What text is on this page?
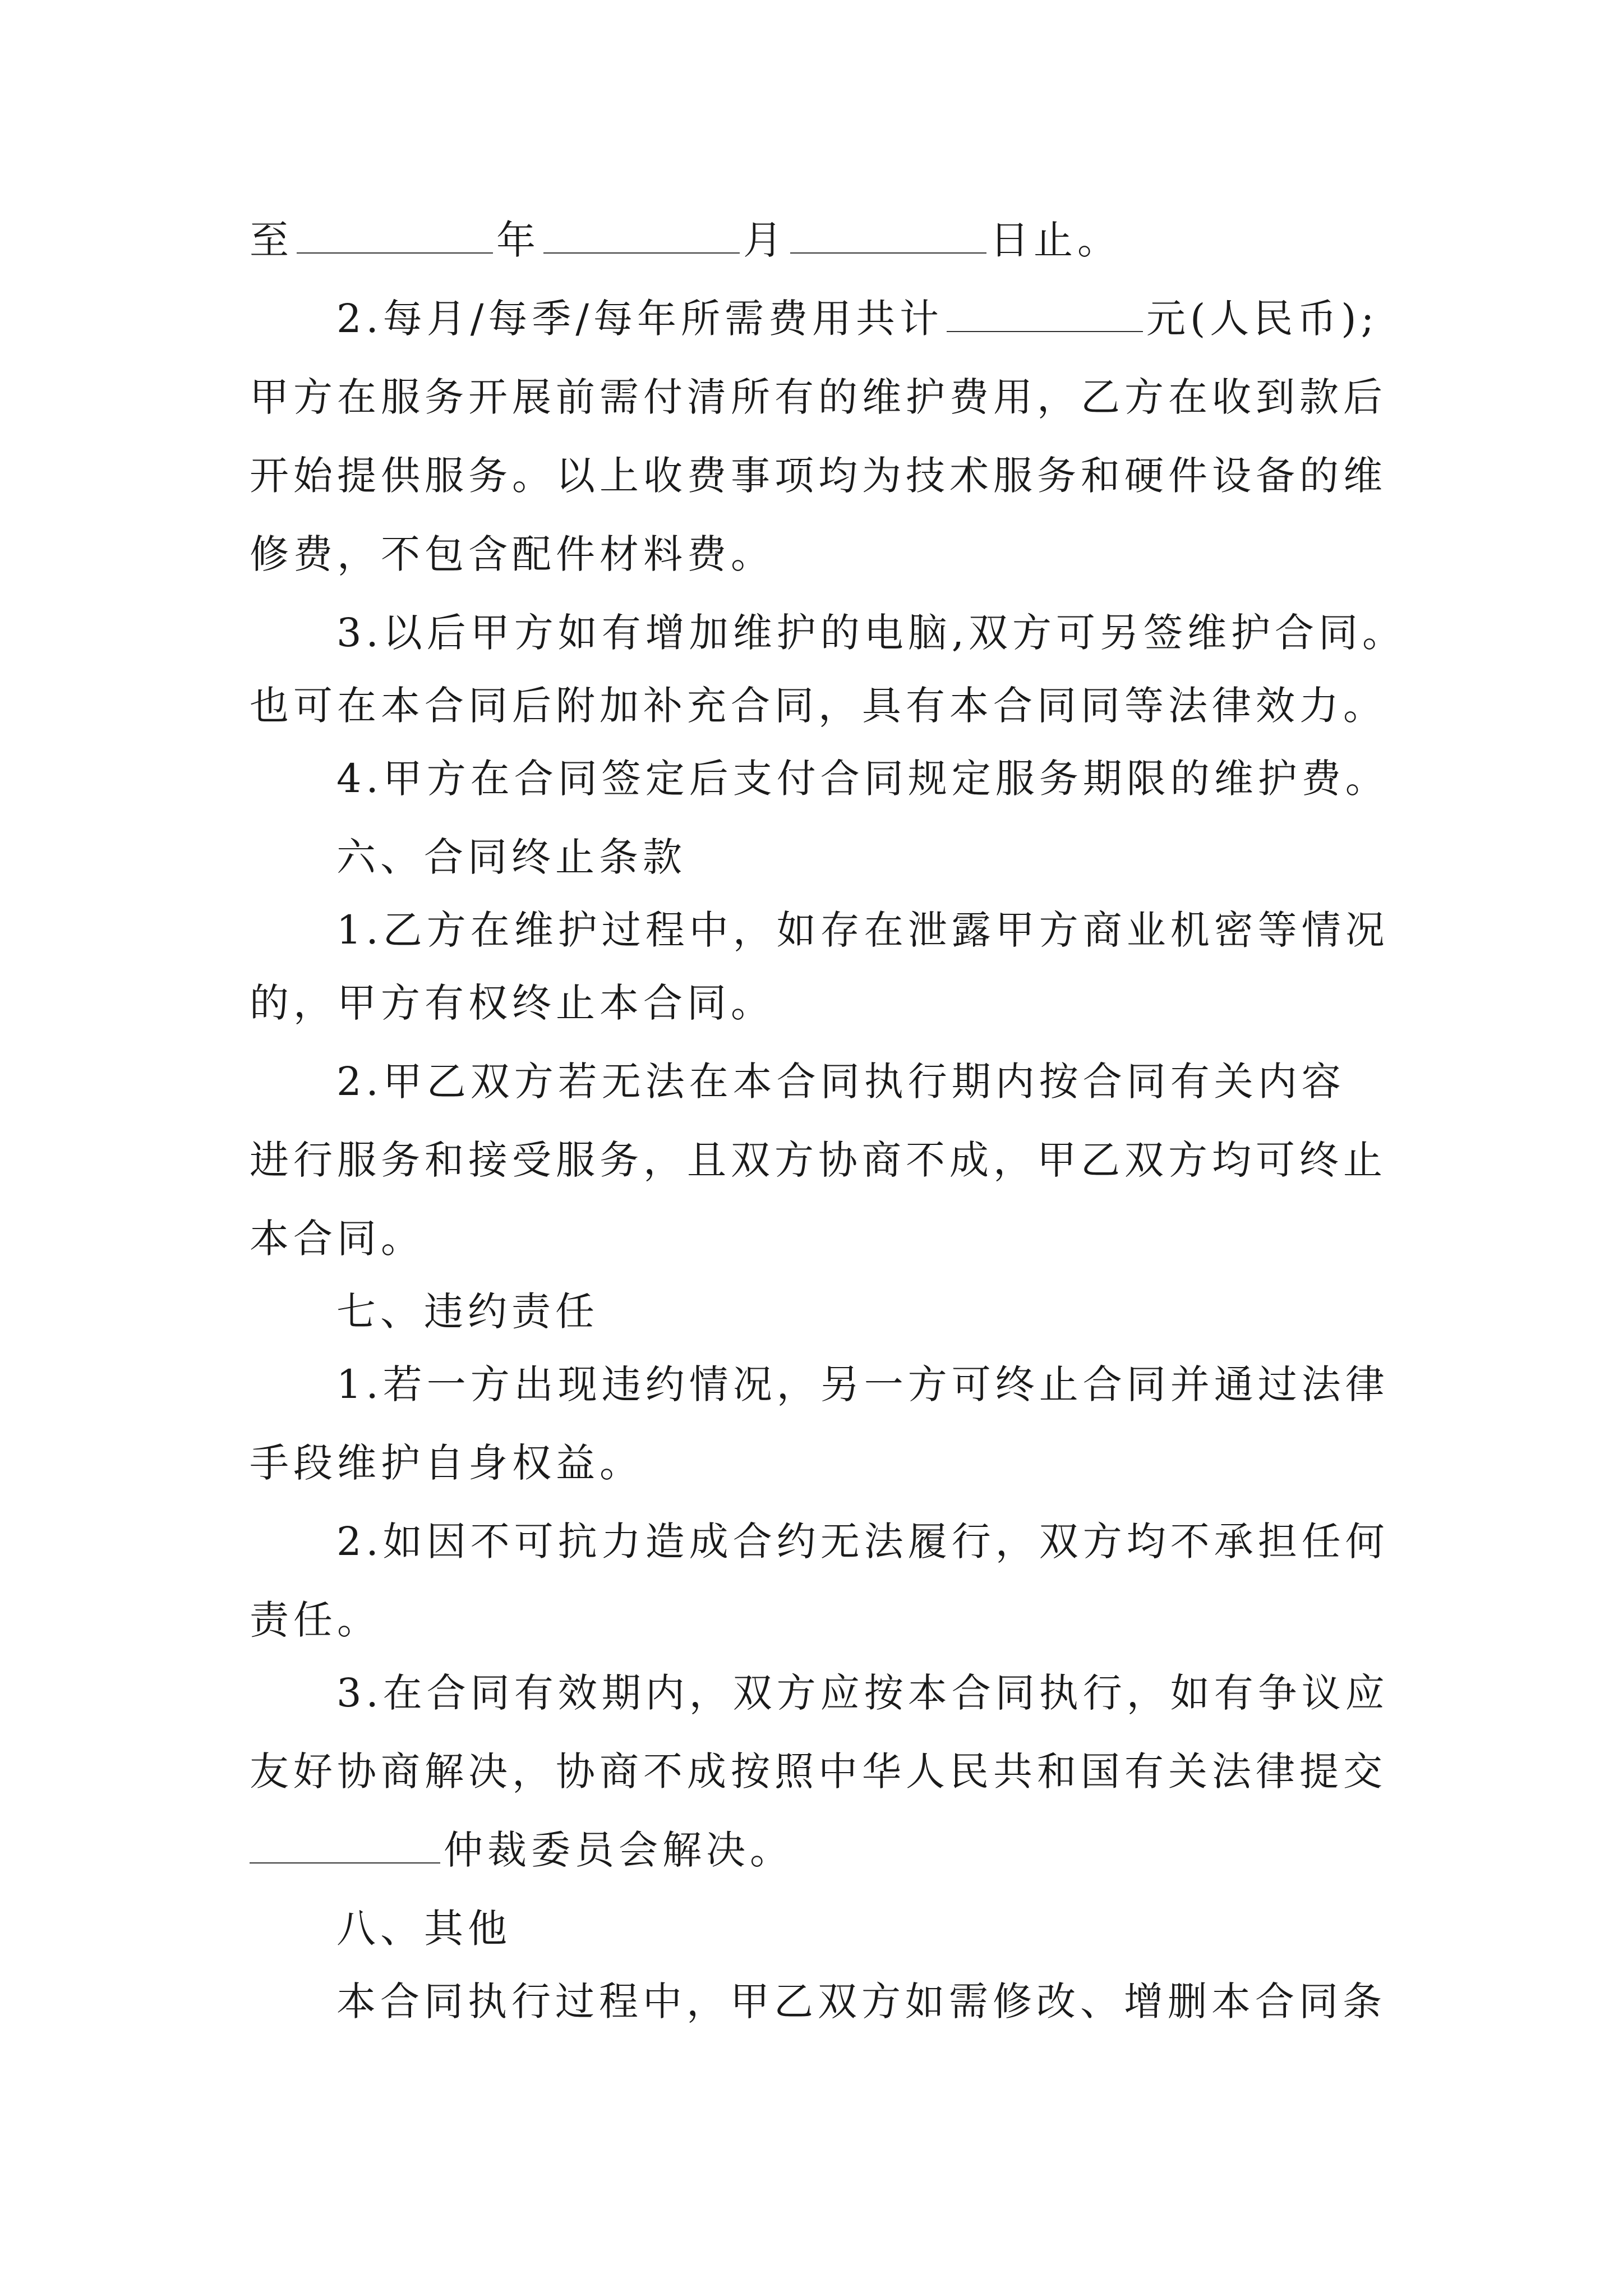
至	年	月	日止。
2.每月/每季/每年所需费用共计	元(人民币);
甲方在服务开展前需付清所有的维护费用，乙方在收到款后
开始提供服务。以上收费事项均为技术服务和硬件设备的维
修费，不包含配件材料费。
3.以后甲方如有增加维护的电脑,双方可另签维护合同。
也可在本合同后附加补充合同，具有本合同同等法律效力。
4.甲方在合同签定后支付合同规定服务期限的维护费。
六、合同终止条款
1.乙方在维护过程中，如存在泄露甲方商业机密等情况
的，甲方有权终止本合同。
2.甲乙双方若无法在本合同执行期内按合同有关内容
进行服务和接受服务，且双方协商不成，甲乙双方均可终止
本合同。
七、违约责任
1.若一方出现违约情况，另一方可终止合同并通过法律
手段维护自身权益。
2.如因不可抗力造成合约无法履行，双方均不承担任何
责任。
3.在合同有效期内，双方应按本合同执行，如有争议应
友好协商解决，协商不成按照中华人民共和国有关法律提交
仲裁委员会解决。
八、其他
本合同执行过程中，甲乙双方如需修改、增删本合同条
